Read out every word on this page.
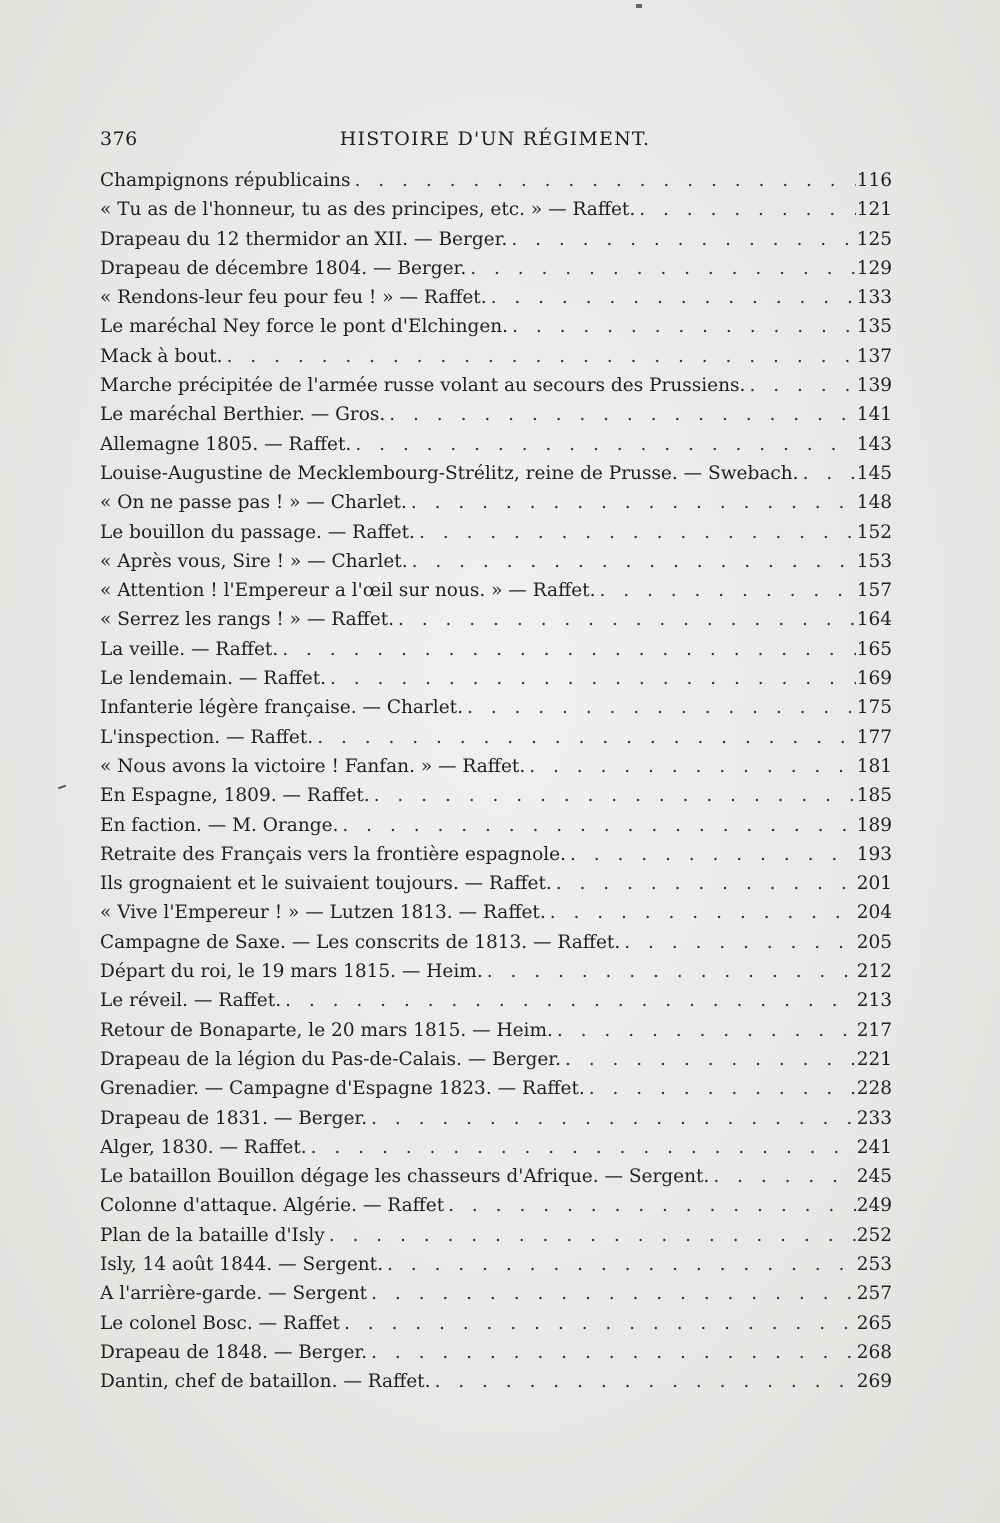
376	HISTOIRE D'UN RÉGIMENT.
Champignons républicains . . .	116
« Tu as de l'honneur, tu as des principes, etc. » — Raffet. . . .	121
Drapeau du 12 thermidor an XII. — Berger. . . .	125
Drapeau de décembre 1804. — Berger. . . .	129
« Rendons-leur feu pour feu ! » — Raffet. . . .	133
Le maréchal Ney force le pont d'Elchingen. . . .	135
Mack à bout. . . .	137
Marche précipitée de l'armée russe volant au secours des Prussiens. . . .	139
Le maréchal Berthier. — Gros. . . .	141
Allemagne 1805. — Raffet. . . .	143
Louise-Augustine de Mecklembourg-Strélitz, reine de Prusse. — Swebach. . . .	145
« On ne passe pas ! » — Charlet. . . .	148
Le bouillon du passage. — Raffet. . . .	152
« Après vous, Sire ! » — Charlet. . . .	153
« Attention ! l'Empereur a l'œil sur nous. » — Raffet. . . .	157
« Serrez les rangs ! » — Raffet. . . .	164
La veille. — Raffet. . . .	165
Le lendemain. — Raffet. . . .	169
Infanterie légère française. — Charlet. . . .	175
L'inspection. — Raffet. . . .	177
« Nous avons la victoire ! Fanfan. » — Raffet. . . .	181
En Espagne, 1809. — Raffet. . . .	185
En faction. — M. Orange. . . .	189
Retraite des Français vers la frontière espagnole. . . .	193
Ils grognaient et le suivaient toujours. — Raffet. . . .	201
« Vive l'Empereur ! » — Lutzen 1813. — Raffet. . . .	204
Campagne de Saxe. — Les conscrits de 1813. — Raffet. . . .	205
Départ du roi, le 19 mars 1815. — Heim. . . .	212
Le réveil. — Raffet. . . .	213
Retour de Bonaparte, le 20 mars 1815. — Heim. . . .	217
Drapeau de la légion du Pas-de-Calais. — Berger. . . .	221
Grenadier. — Campagne d'Espagne 1823. — Raffet. . . .	228
Drapeau de 1831. — Berger. . . .	233
Alger, 1830. — Raffet. . . .	241
Le bataillon Bouillon dégage les chasseurs d'Afrique. — Sergent. . . .	245
Colonne d'attaque. Algérie. — Raffet . . .	249
Plan de la bataille d'Isly . . .	252
Isly, 14 août 1844. — Sergent. . . .	253
A l'arrière-garde. — Sergent . . .	257
Le colonel Bosc. — Raffet . . .	265
Drapeau de 1848. — Berger. . . .	268
Dantin, chef de bataillon. — Raffet. . . .	269
